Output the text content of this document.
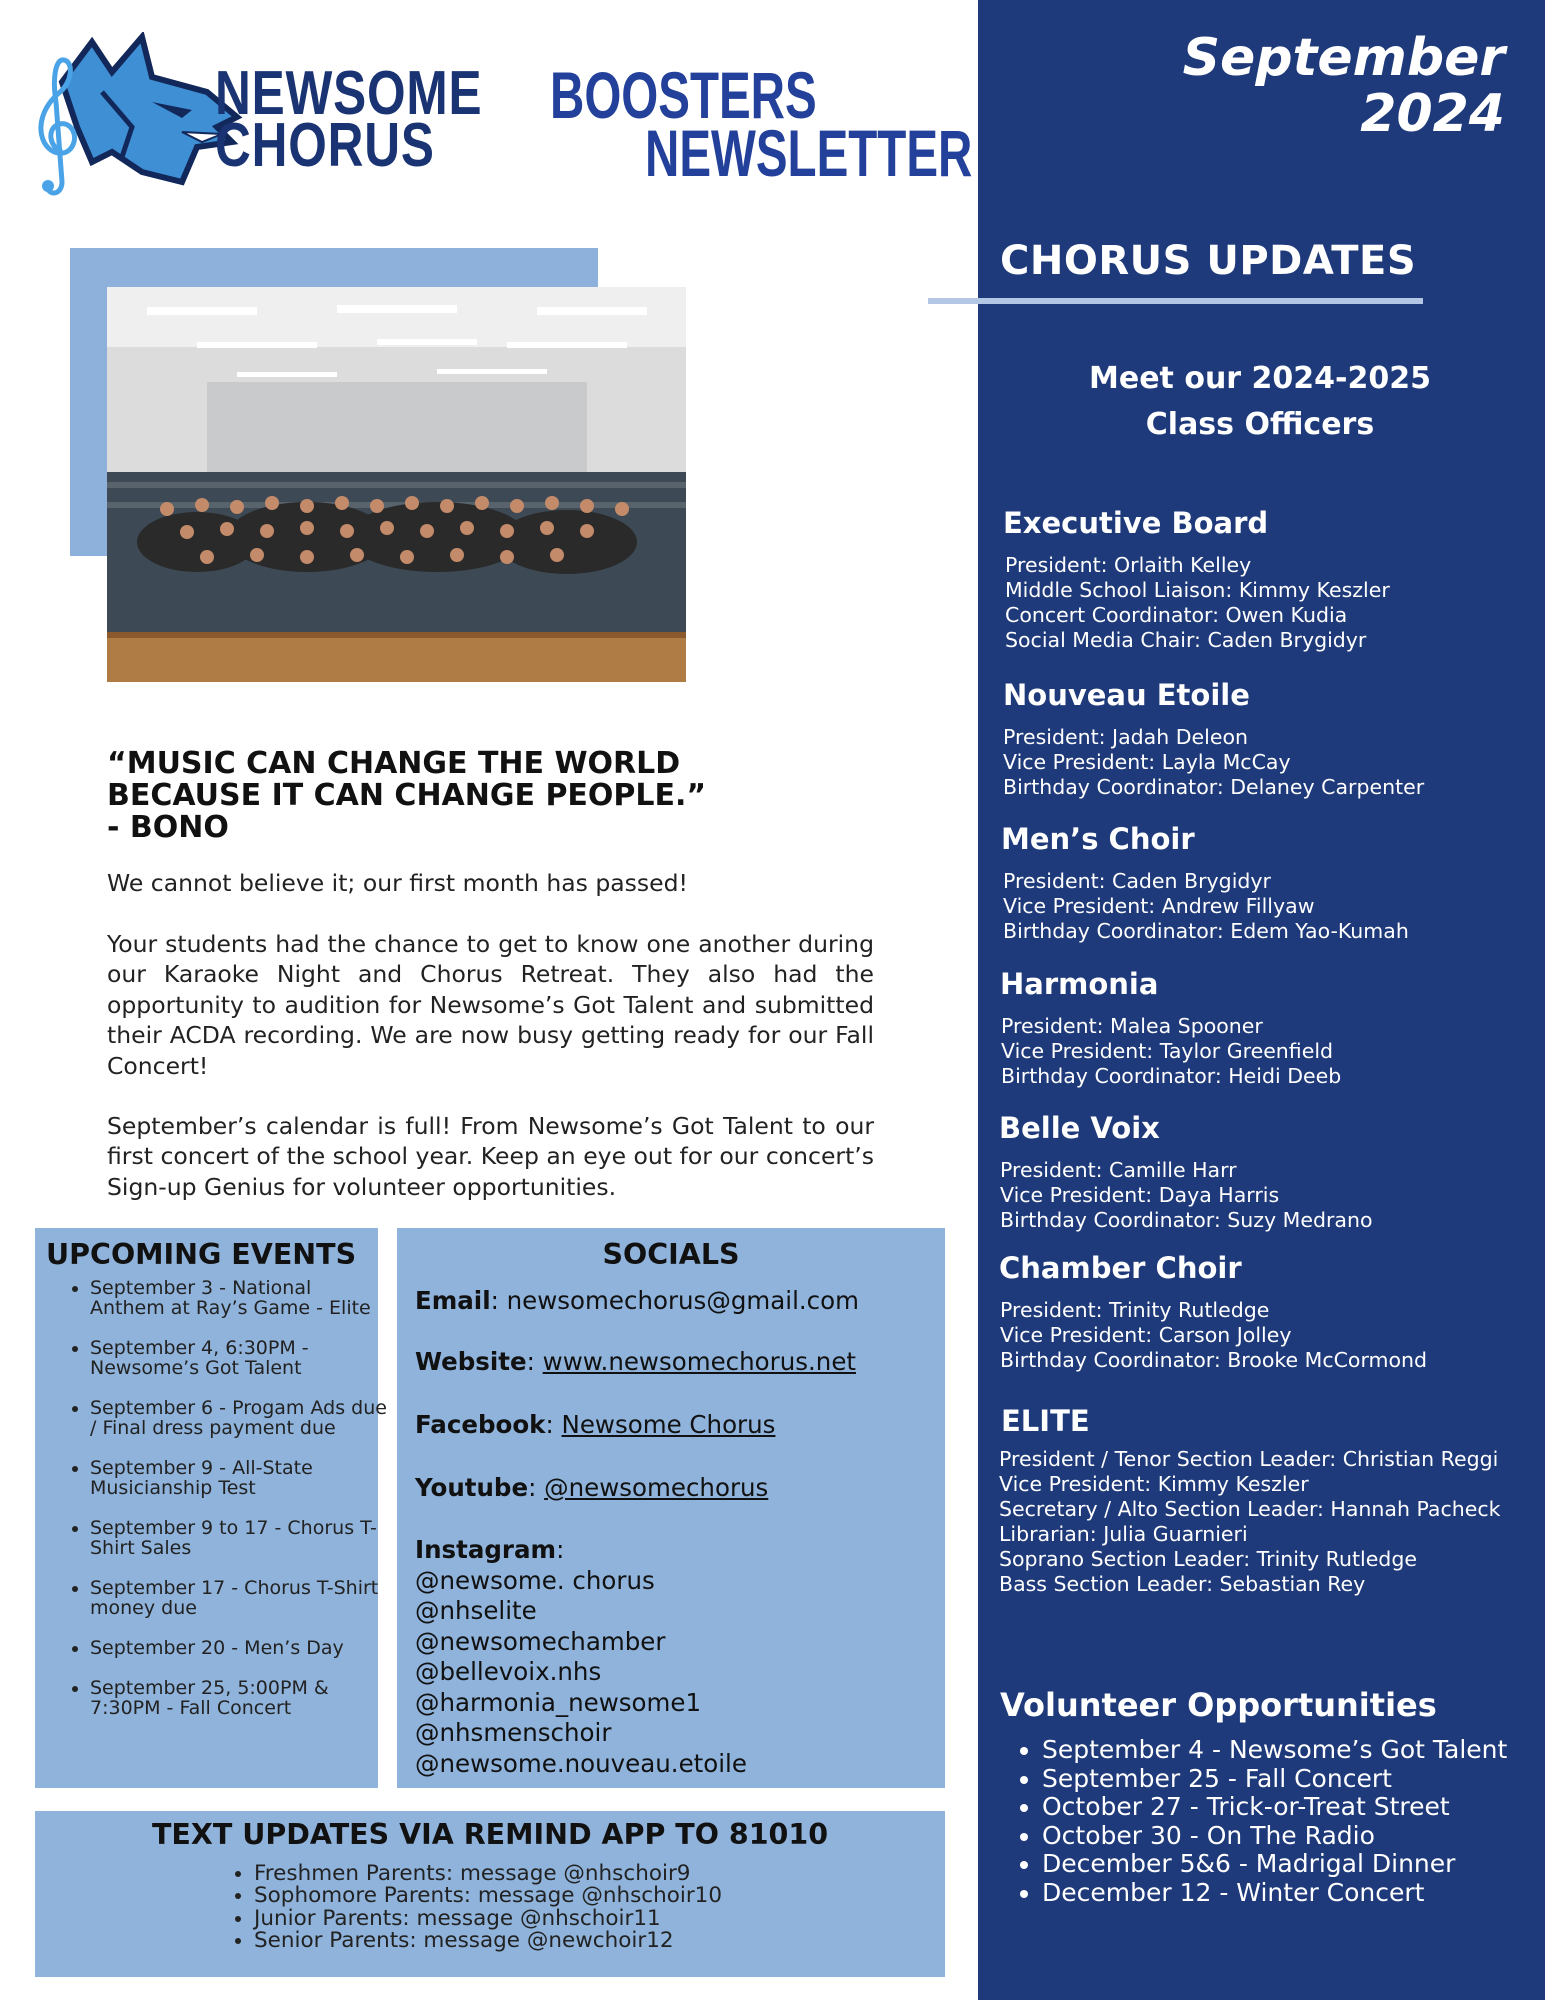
September
2024
CHORUS UPDATES
Meet our 2024-2025
Class Officers
Executive Board
President: Orlaith Kelley
Middle School Liaison: Kimmy Keszler
Concert Coordinator: Owen Kudia
Social Media Chair: Caden Brygidyr
Nouveau Etoile
President: Jadah Deleon
Vice President: Layla McCay
Birthday Coordinator: Delaney Carpenter
Men’s Choir
President: Caden Brygidyr
Vice President: Andrew Fillyaw
Birthday Coordinator: Edem Yao-Kumah
Harmonia
President: Malea Spooner
Vice President: Taylor Greenfield
Birthday Coordinator: Heidi Deeb
Belle Voix
President: Camille Harr
Vice President: Daya Harris
Birthday Coordinator: Suzy Medrano
Chamber Choir
President: Trinity Rutledge
Vice President: Carson Jolley
Birthday Coordinator: Brooke McCormond
ELITE
President / Tenor Section Leader: Christian Reggi
Vice President: Kimmy Keszler
Secretary / Alto Section Leader: Hannah Pacheck
Librarian: Julia Guarnieri
Soprano Section Leader: Trinity Rutledge
Bass Section Leader: Sebastian Rey
Volunteer Opportunities
• September 4 - Newsome’s Got Talent
• September 25 - Fall Concert
• October 27 - Trick-or-Treat Street
• October 30 - On The Radio
• December 5&6 - Madrigal Dinner
• December 12 - Winter Concert
NEWSOME
CHORUS
BOOSTERS
NEWSLETTER
“MUSIC CAN CHANGE THE WORLD
BECAUSE IT CAN CHANGE PEOPLE.”
- BONO
We cannot believe it; our first month has passed!
Your students had the chance to get to know one another during our Karaoke Night and Chorus Retreat. They also had the opportunity to audition for Newsome’s Got Talent and submitted their ACDA recording. We are now busy getting ready for our Fall Concert!
September’s calendar is full! From Newsome’s Got Talent to our first concert of the school year. Keep an eye out for our concert’s Sign-up Genius for volunteer opportunities.
UPCOMING EVENTS
• September 3 - National Anthem at Ray’s Game - Elite
• September 4, 6:30PM - Newsome’s Got Talent
• September 6 - Progam Ads due / Final dress payment due
• September 9 - All-State Musicianship Test
• September 9 to 17 - Chorus T-Shirt Sales
• September 17 - Chorus T-Shirt money due
• September 20 - Men’s Day
• September 25, 5:00PM & 7:30PM - Fall Concert
SOCIALS
Email: newsomechorus@gmail.com
Website: www.newsomechorus.net
Facebook: Newsome Chorus
Youtube: @newsomechorus
Instagram:
@newsome. chorus
@nhselite
@newsomechamber
@bellevoix.nhs
@harmonia_newsome1
@nhsmenschoir
@newsome.nouveau.etoile
TEXT UPDATES VIA REMIND APP TO 81010
• Freshmen Parents: message @nhschoir9
• Sophomore Parents: message @nhschoir10
• Junior Parents: message @nhschoir11
• Senior Parents: message @newchoir12
